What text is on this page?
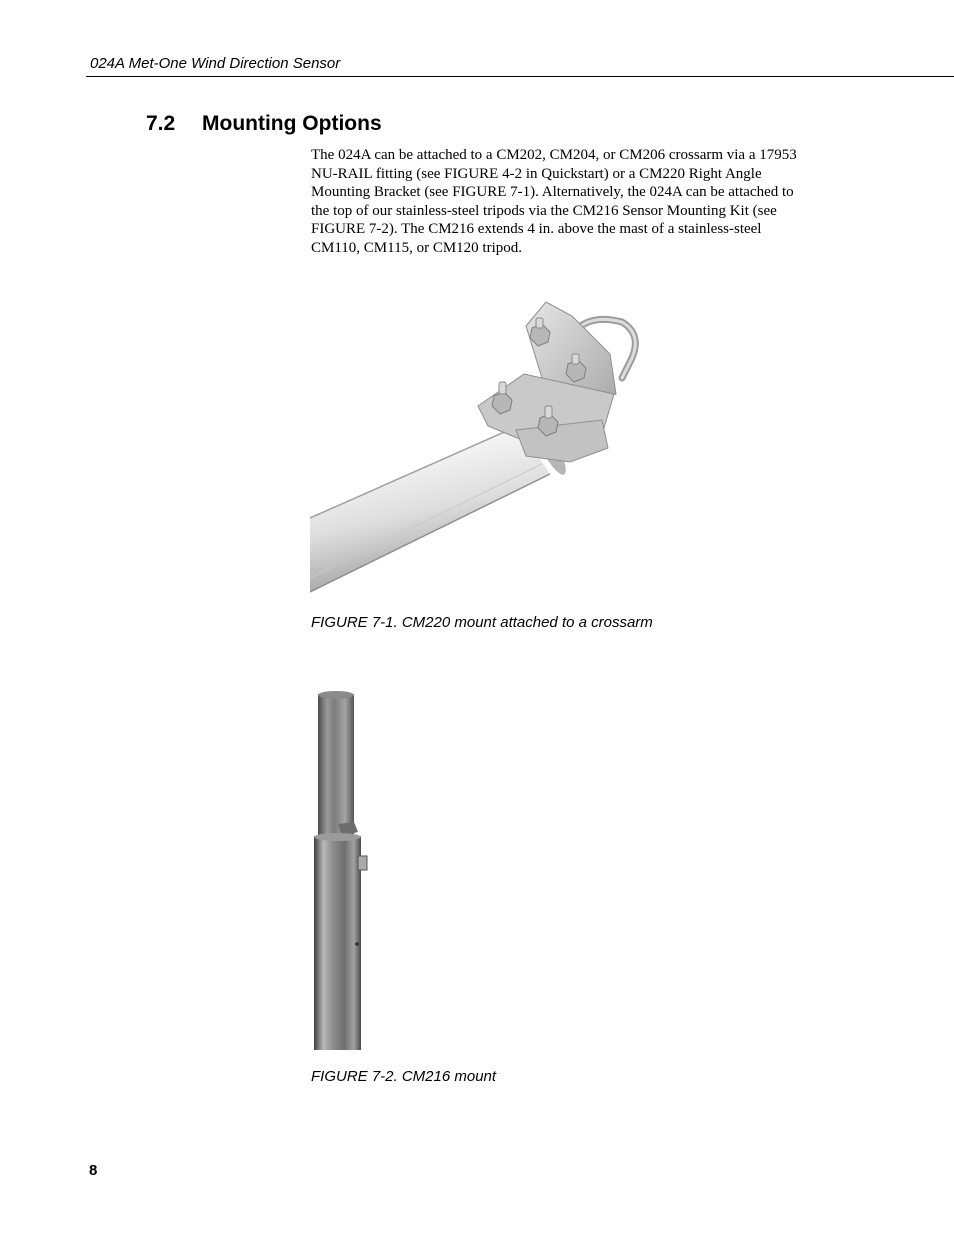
024A Met-One Wind Direction Sensor
7.2 Mounting Options

The 024A can be attached to a CM202, CM204, or CM206 crossarm via a 17953 NU-RAIL fitting (see FIGURE 4-2 in Quickstart) or a CM220 Right Angle Mounting Bracket (see FIGURE 7-1). Alternatively, the 024A can be attached to the top of our stainless-steel tripods via the CM216 Sensor Mounting Kit (see FIGURE 7-2). The CM216 extends 4 in. above the mast of a stainless-steel CM110, CM115, or CM120 tripod.

FIGURE 7-1. CM220 mount attached to a crossarm
FIGURE 7-2. CM216 mount
8
